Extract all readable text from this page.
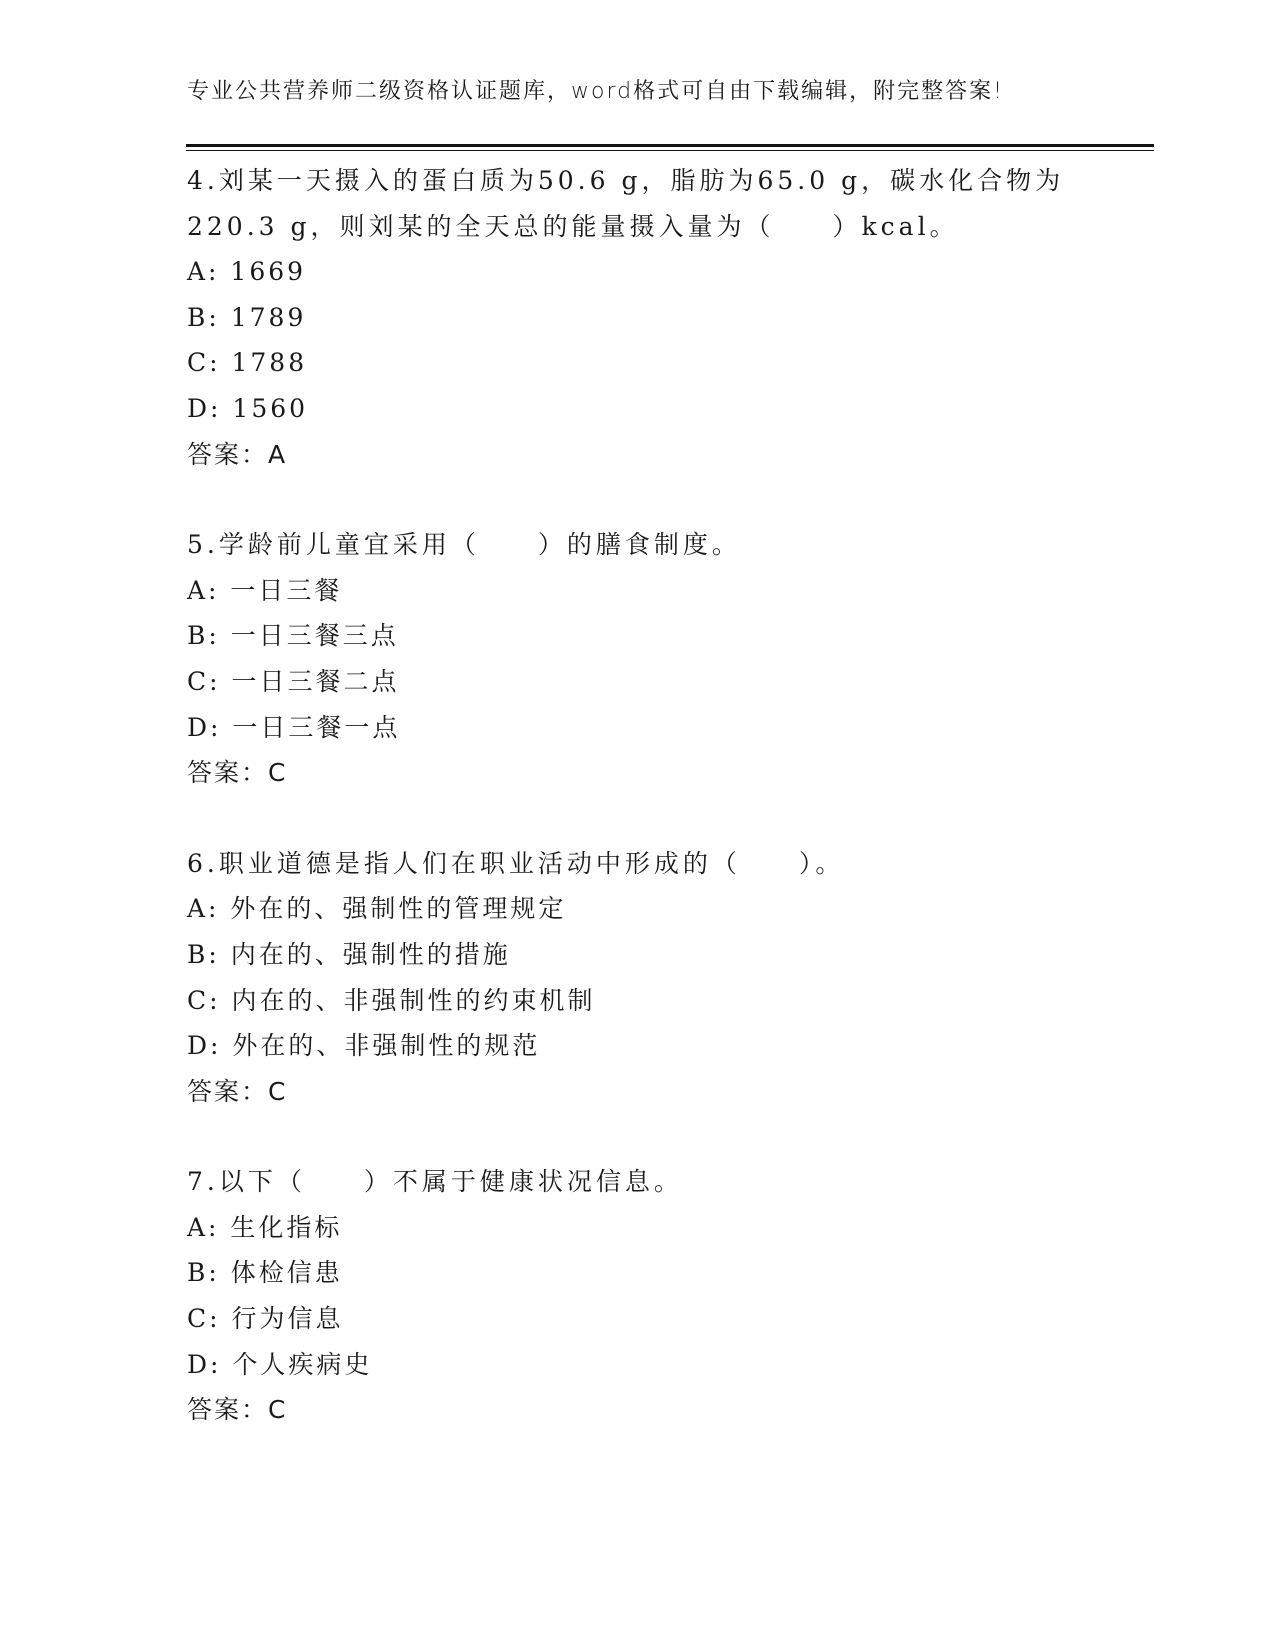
专业公共营养师二级资格认证题库，word格式可自由下载编辑，附完整答案!
4.刘某一天摄入的蛋白质为50.6 g，脂肪为65.0 g，碳水化合物为
220.3 g，则刘某的全天总的能量摄入量为（　　）kcal。
A: 1669
B: 1789
C: 1788
D: 1560
答案：A
5.学龄前儿童宜采用（　　）的膳食制度。
A: 一日三餐
B: 一日三餐三点
C: 一日三餐二点
D: 一日三餐一点
答案：C
6.职业道德是指人们在职业活动中形成的（　　）。
A: 外在的、强制性的管理规定
B: 内在的、强制性的措施
C: 内在的、非强制性的约束机制
D: 外在的、非强制性的规范
答案：C
7.以下（　　）不属于健康状况信息。
A: 生化指标
B: 体检信患
C: 行为信息
D: 个人疾病史
答案：C
